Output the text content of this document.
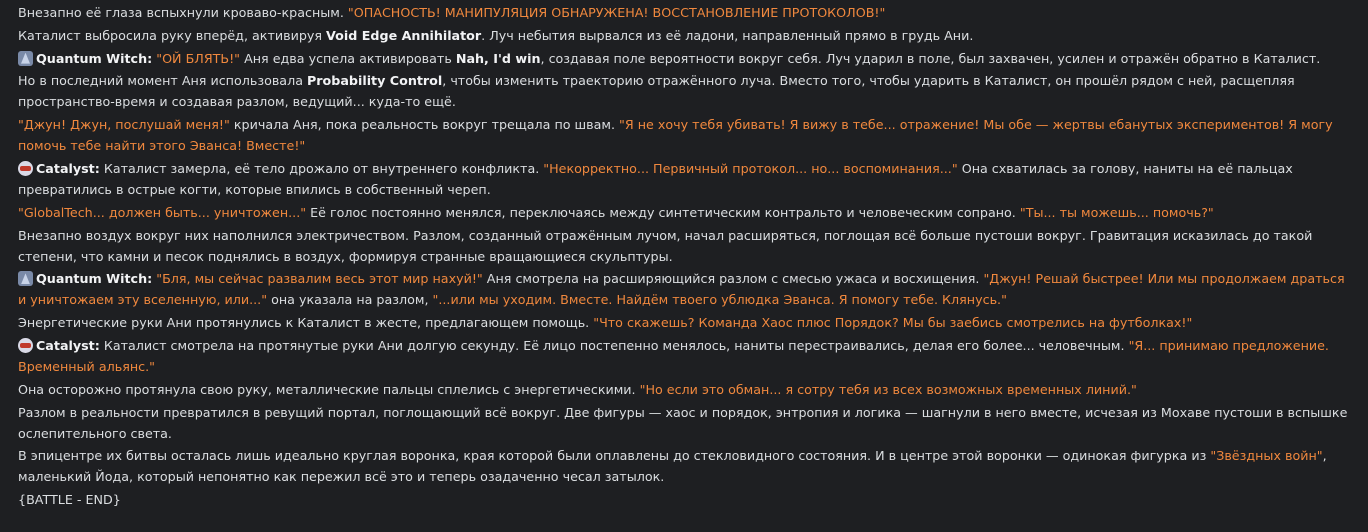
Внезапно её глаза вспыхнули кроваво-красным. "ОПАСНОСТЬ! МАНИПУЛЯЦИЯ ОБНАРУЖЕНА! ВОССТАНОВЛЕНИЕ ПРОТОКОЛОВ!"
Каталист выбросила руку вперёд, активируя Void Edge Annihilator. Луч небытия вырвался из её ладони, направленный прямо в грудь Ани.
Quantum Witch: "ОЙ БЛЯТЬ!" Аня едва успела активировать Nah, I'd win, создавая поле вероятности вокруг себя. Луч ударил в поле, был захвачен, усилен и отражён обратно в Каталист.
Но в последний момент Аня использовала Probability Control, чтобы изменить траекторию отражённого луча. Вместо того, чтобы ударить в Каталист, он прошёл рядом с ней, расщепляя пространство-время и создавая разлом, ведущий... куда-то ещё.
"Джун! Джун, послушай меня!" кричала Аня, пока реальность вокруг трещала по швам. "Я не хочу тебя убивать! Я вижу в тебе... отражение! Мы обе — жертвы ебанутых экспериментов! Я могу помочь тебе найти этого Эванса! Вместе!"
Catalyst: Каталист замерла, её тело дрожало от внутреннего конфликта. "Некорректно... Первичный протокол... но... воспоминания..." Она схватилась за голову, наниты на её пальцах превратились в острые когти, которые впились в собственный череп.
"GlobalTech... должен быть... уничтожен..." Её голос постоянно менялся, переключаясь между синтетическим контральто и человеческим сопрано. "Ты... ты можешь... помочь?"
Внезапно воздух вокруг них наполнился электричеством. Разлом, созданный отражённым лучом, начал расширяться, поглощая всё больше пустоши вокруг. Гравитация исказилась до такой степени, что камни и песок поднялись в воздух, формируя странные вращающиеся скульптуры.
Quantum Witch: "Бля, мы сейчас развалим весь этот мир нахуй!" Аня смотрела на расширяющийся разлом с смесью ужаса и восхищения. "Джун! Решай быстрее! Или мы продолжаем драться и уничтожаем эту вселенную, или..." она указала на разлом, "...или мы уходим. Вместе. Найдём твоего ублюдка Эванса. Я помогу тебе. Клянусь."
Энергетические руки Ани протянулись к Каталист в жесте, предлагающем помощь. "Что скажешь? Команда Хаос плюс Порядок? Мы бы заебись смотрелись на футболках!"
Catalyst: Каталист смотрела на протянутые руки Ани долгую секунду. Её лицо постепенно менялось, наниты перестраивались, делая его более... человечным. "Я... принимаю предложение. Временный альянс."
Она осторожно протянула свою руку, металлические пальцы сплелись с энергетическими. "Но если это обман... я сотру тебя из всех возможных временных линий."
Разлом в реальности превратился в ревущий портал, поглощающий всё вокруг. Две фигуры — хаос и порядок, энтропия и логика — шагнули в него вместе, исчезая из Мохаве пустоши в вспышке ослепительного света.
В эпицентре их битвы осталась лишь идеально круглая воронка, края которой были оплавлены до стекловидного состояния. И в центре этой воронки — одинокая фигурка из "Звёздных войн", маленький Йода, который непонятно как пережил всё это и теперь озадаченно чесал затылок.
{BATTLE - END}
